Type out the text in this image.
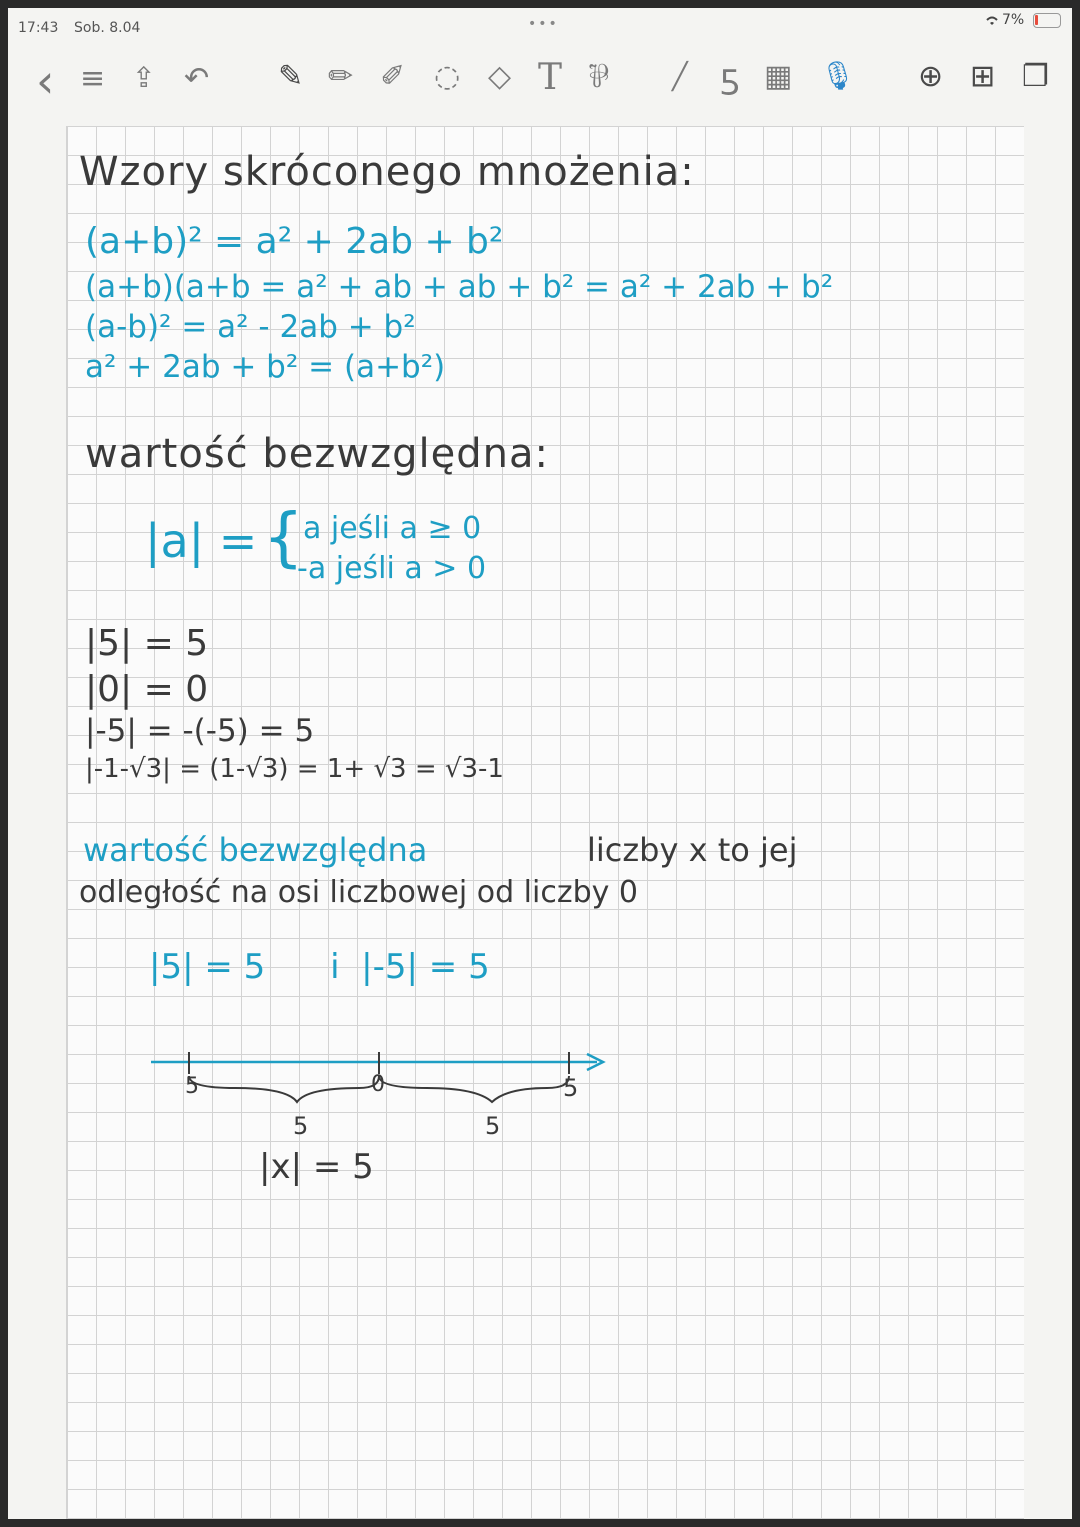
17:43 Sob. 8.04	•••	7%
‹ ≡ ⇪ ↶ ✎ ✏ ✐ ◌ ◇ T ⅌ ╱ ƽ ▦ 🎙 ⊕ ⊞ ❐
Wzory skróconego mnożenia:
(a+b)² = a² + 2ab + b²
(a+b)(a+b = a² + ab + ab + b² = a² + 2ab + b²
(a-b)² = a² - 2ab + b²
a² + 2ab + b² = (a+b²)
wartość bezwzględna:
|a| = { a jeśli a ≥ 0
-a jeśli a > 0
|5| = 5
|0| = 0
|-5| = -(-5) = 5
|-1-√3| = (1-√3) = 1+ √3 = √3-1
wartość bezwzględna	liczby x to jej
odległość na osi liczbowej od liczby 0
|5| = 5      i  |-5| = 5
5	0	5
5	5
|x| = 5
